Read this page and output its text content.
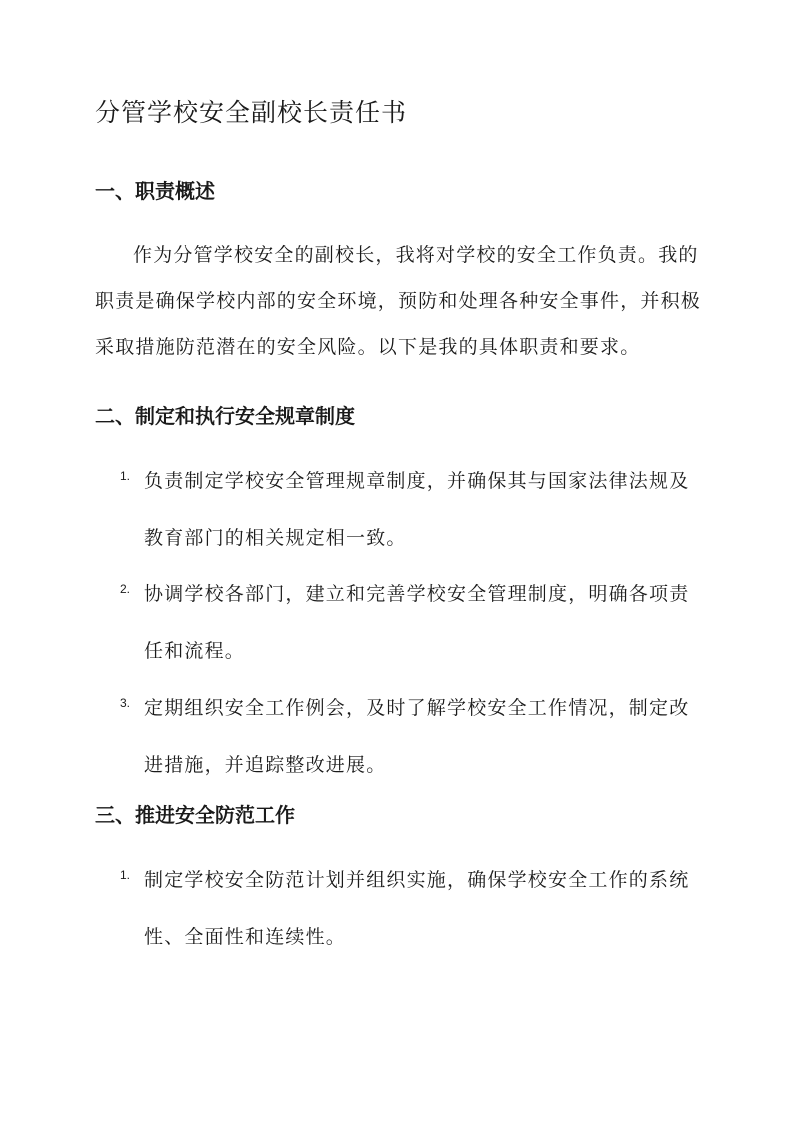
分管学校安全副校长责任书
一、职责概述

作为分管学校安全的副校长，我将对学校的安全工作负责。我的职责是确保学校内部的安全环境，预防和处理各种安全事件，并积极采取措施防范潜在的安全风险。以下是我的具体职责和要求。

二、制定和执行安全规章制度
1. 负责制定学校安全管理规章制度，并确保其与国家法律法规及教育部门的相关规定相一致。

2. 协调学校各部门，建立和完善学校安全管理制度，明确各项责任和流程。

3. 定期组织安全工作例会，及时了解学校安全工作情况，制定改进措施，并追踪整改进展。

三、推进安全防范工作
1. 制定学校安全防范计划并组织实施，确保学校安全工作的系统性、全面性和连续性。
